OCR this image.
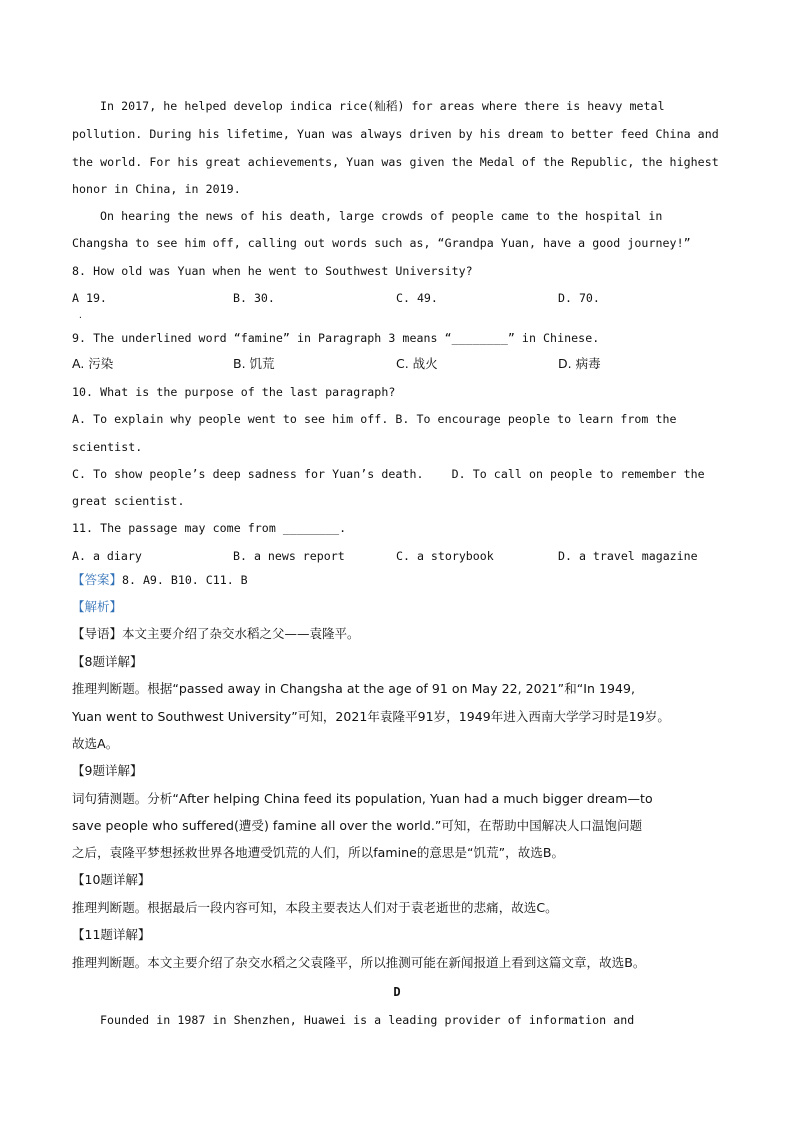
In 2017, he helped develop indica rice(籼稻) for areas where there is heavy metal
pollution. During his lifetime, Yuan was always driven by his dream to better feed China and
the world. For his great achievements, Yuan was given the Medal of the Republic, the highest
honor in China, in 2019.
On hearing the news of his death, large crowds of people came to the hospital in
Changsha to see him off, calling out words such as, “Grandpa Yuan, have a good journey!”
8. How old was Yuan when he went to Southwest University?
A 19.	B. 30.	C. 49.	D. 70.
.
9. The underlined word “famine” in Paragraph 3 means “________” in Chinese.
A. 污染	B. 饥荒	C. 战火	D. 病毒
10. What is the purpose of the last paragraph?
A. To explain why people went to see him off. B. To encourage people to learn from the
scientist.
C. To show people’s deep sadness for Yuan’s death.    D. To call on people to remember the
great scientist.
11. The passage may come from ________.
A. a diary	B. a news report	C. a storybook	D. a travel magazine
【答案】 8. A9. B10. C11. B
【解析】
【导语】本文主要介绍了杂交水稻之父——袁隆平。
【8题详解】
推理判断题。根据“passed away in Changsha at the age of 91 on May 22, 2021”和“In 1949,
Yuan went to Southwest University”可知，2021年袁隆平91岁，1949年进入西南大学学习时是19岁。
故选A。
【9题详解】
词句猜测题。分析“After helping China feed its population, Yuan had a much bigger dream—to
save people who suffered(遭受) famine all over the world.”可知，在帮助中国解决人口温饱问题
之后，袁隆平梦想拯救世界各地遭受饥荒的人们，所以famine的意思是“饥荒”，故选B。
【10题详解】
推理判断题。根据最后一段内容可知，本段主要表达人们对于袁老逝世的悲痛，故选C。
【11题详解】
推理判断题。本文主要介绍了杂交水稻之父袁隆平，所以推测可能在新闻报道上看到这篇文章，故选B。
D
Founded in 1987 in Shenzhen, Huawei is a leading provider of information and
